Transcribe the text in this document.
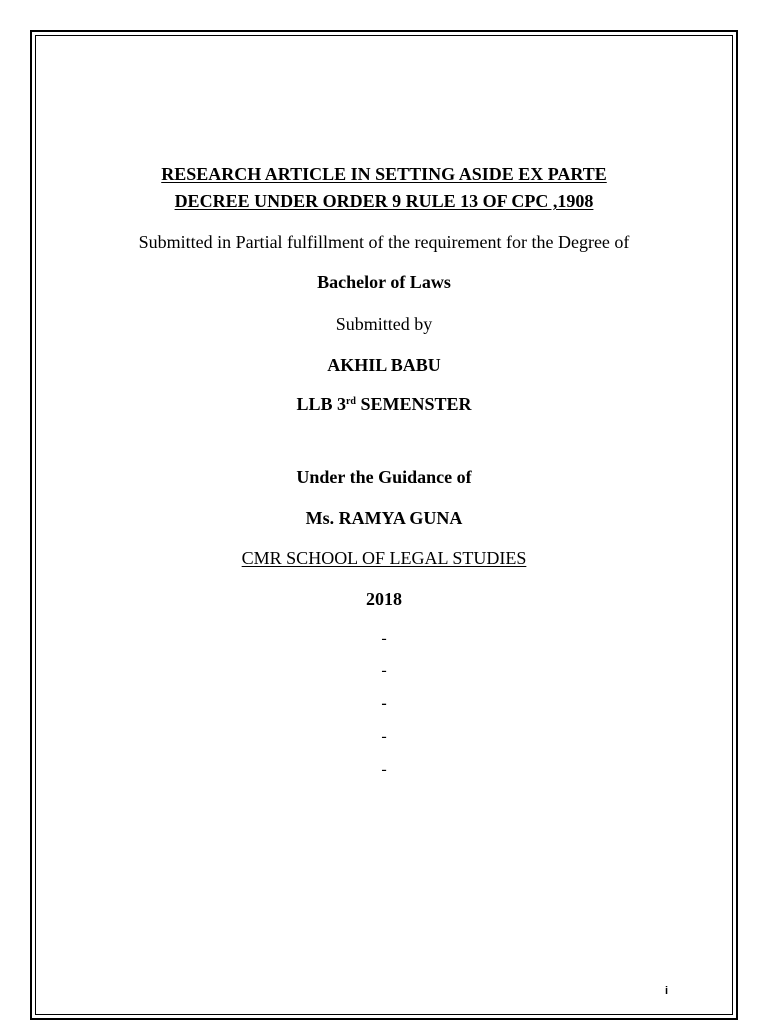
RESEARCH ARTICLE IN SETTING ASIDE EX PARTE
DECREE UNDER ORDER 9 RULE 13 OF CPC ,1908
Submitted in Partial fulfillment of the requirement for the Degree of
Bachelor of Laws
Submitted by
AKHIL BABU
LLB 3rd SEMENSTER
Under the Guidance of
Ms. RAMYA GUNA
CMR SCHOOL OF LEGAL STUDIES
2018
-
-
-
-
-
i
